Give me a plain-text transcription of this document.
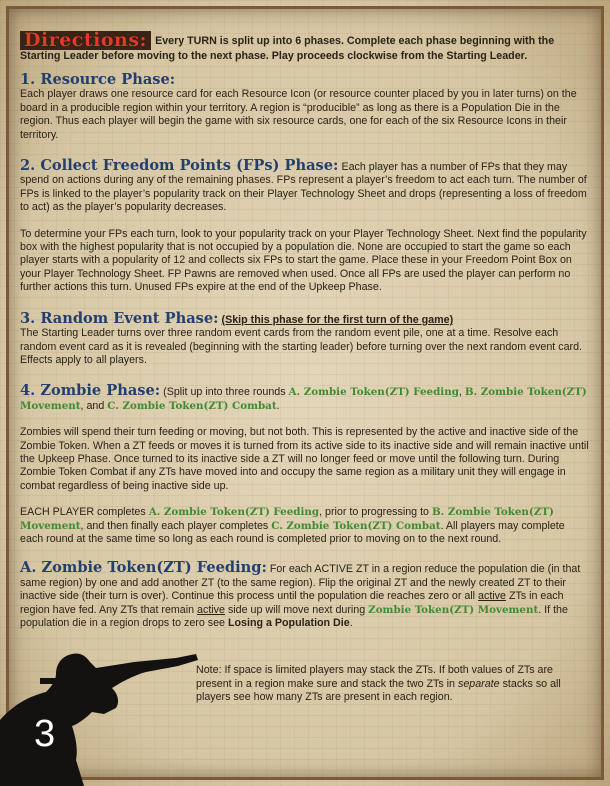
Directions: Every TURN is split up into 6 phases. Complete each phase beginning with the Starting Leader before moving to the next phase. Play proceeds clockwise from the Starting Leader.

1. Resource Phase:

Each player draws one resource card for each Resource Icon (or resource counter placed by you in later turns) on the board in a producible region within your territory. A region is “producible” as long as there is a Population Die in the region. Thus each player will begin the game with six resource cards, one for each of the six Resource Icons in their territory.

2. Collect Freedom Points (FPs) Phase: Each player has a number of FPs that they may spend on actions during any of the remaining phases. FPs represent a player’s freedom to act each turn. The number of FPs is linked to the player’s popularity track on their Player Technology Sheet and drops (representing a loss of freedom to act) as the player’s popularity decreases.

To determine your FPs each turn, look to your popularity track on your Player Technology Sheet. Next find the popularity box with the highest popularity that is not occupied by a population die. None are occupied to start the game so each player starts with a popularity of 12 and collects six FPs to start the game. Place these in your Freedom Point Box on your Player Technology Sheet. FP Pawns are removed when used. Once all FPs are used the player can perform no further actions this turn. Unused FPs expire at the end of the Upkeep Phase.

3. Random Event Phase: (Skip this phase for the first turn of the game)

The Starting Leader turns over three random event cards from the random event pile, one at a time. Resolve each random event card as it is revealed (beginning with the starting leader) before turning over the next random event card. Effects apply to all players.

4. Zombie Phase: (Split up into three rounds A. Zombie Token(ZT) Feeding, B. Zombie Token(ZT) Movement, and C. Zombie Token(ZT) Combat.

Zombies will spend their turn feeding or moving, but not both. This is represented by the active and inactive side of the Zombie Token. When a ZT feeds or moves it is turned from its active side to its inactive side and will remain inactive until the Upkeep Phase. Once turned to its inactive side a ZT will no longer feed or move until the following turn. During Zombie Token Combat if any ZTs have moved into and occupy the same region as a military unit they will engage in combat regardless of being inactive side up.

EACH PLAYER completes A. Zombie Token(ZT) Feeding, prior to progressing to B. Zombie Token(ZT) Movement, and then finally each player completes C. Zombie Token(ZT) Combat. All players may complete each round at the same time so long as each round is completed prior to moving on to the next round.

A. Zombie Token(ZT) Feeding: For each ACTIVE ZT in a region reduce the population die (in that same region) by one and add another ZT (to the same region). Flip the original ZT and the newly created ZT to their inactive side (their turn is over). Continue this process until the population die reaches zero or all active ZTs in each region have fed. Any ZTs that remain active side up will move next during Zombie Token(ZT) Movement. If the population die in a region drops to zero see Losing a Population Die.

3
Note: If space is limited players may stack the ZTs. If both values of ZTs are present in a region make sure and stack the two ZTs in separate stacks so all players see how many ZTs are present in each region.
